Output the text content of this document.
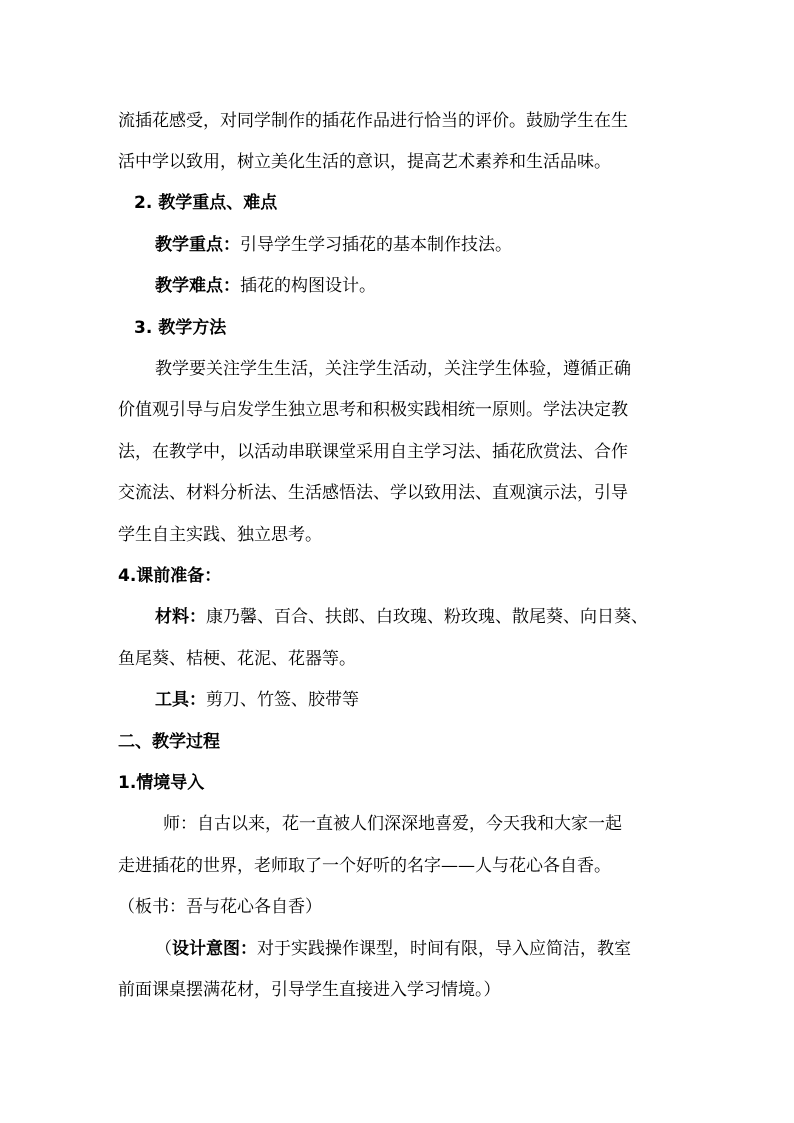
流插花感受，对同学制作的插花作品进行恰当的评价。鼓励学生在生
活中学以致用，树立美化生活的意识，提高艺术素养和生活品味。
2. 教学重点、难点
教学重点：引导学生学习插花的基本制作技法。
教学难点：插花的构图设计。
3. 教学方法
教学要关注学生生活，关注学生活动，关注学生体验，遵循正确
价值观引导与启发学生独立思考和积极实践相统一原则。学法决定教
法，在教学中，以活动串联课堂采用自主学习法、插花欣赏法、合作
交流法、材料分析法、生活感悟法、学以致用法、直观演示法，引导
学生自主实践、独立思考。
4.课前准备：
材料：康乃馨、百合、扶郎、白玫瑰、粉玫瑰、散尾葵、向日葵、
鱼尾葵、桔梗、花泥、花器等。
工具：剪刀、竹签、胶带等
二、教学过程
1.情境导入
师：自古以来，花一直被人们深深地喜爱，今天我和大家一起
走进插花的世界，老师取了一个好听的名字——人与花心各自香。
（板书：吾与花心各自香）
（设计意图：对于实践操作课型，时间有限，导入应简洁，教室
前面课桌摆满花材，引导学生直接进入学习情境。）
